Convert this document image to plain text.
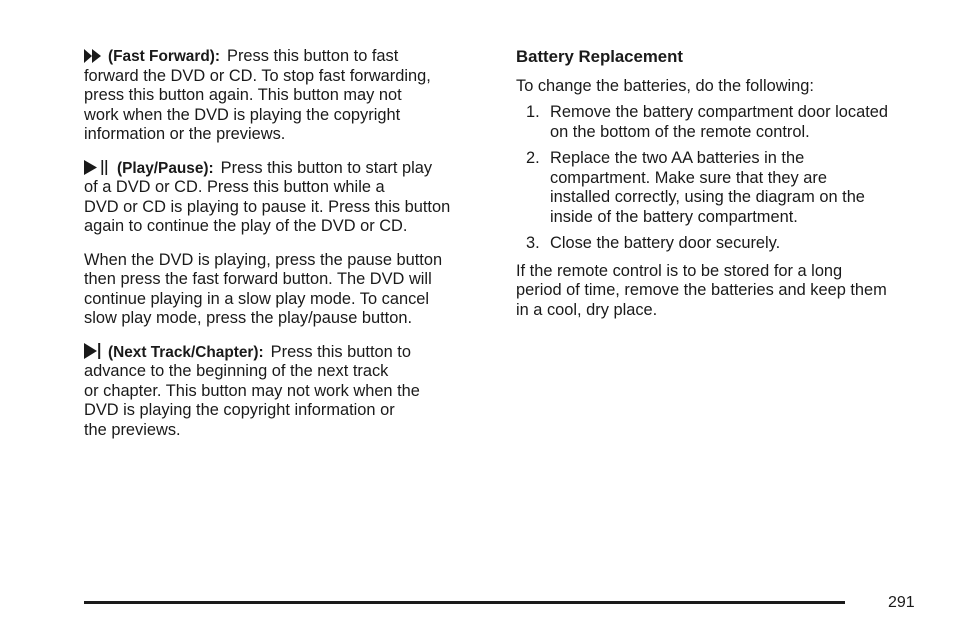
(Fast Forward): Press this button to fast
forward the DVD or CD. To stop fast forwarding,
press this button again. This button may not
work when the DVD is playing the copyright
information or the previews.

(Play/Pause): Press this button to start play
of a DVD or CD. Press this button while a
DVD or CD is playing to pause it. Press this button
again to continue the play of the DVD or CD.

When the DVD is playing, press the pause button
then press the fast forward button. The DVD will
continue playing in a slow play mode. To cancel
slow play mode, press the play/pause button.

(Next Track/Chapter): Press this button to
advance to the beginning of the next track
or chapter. This button may not work when the
DVD is playing the copyright information or
the previews.

Battery Replacement

To change the batteries, do the following:

1. Remove the battery compartment door located
on the bottom of the remote control.
2. Replace the two AA batteries in the
compartment. Make sure that they are
installed correctly, using the diagram on the
inside of the battery compartment.
3. Close the battery door securely.

If the remote control is to be stored for a long
period of time, remove the batteries and keep them
in a cool, dry place.

291
